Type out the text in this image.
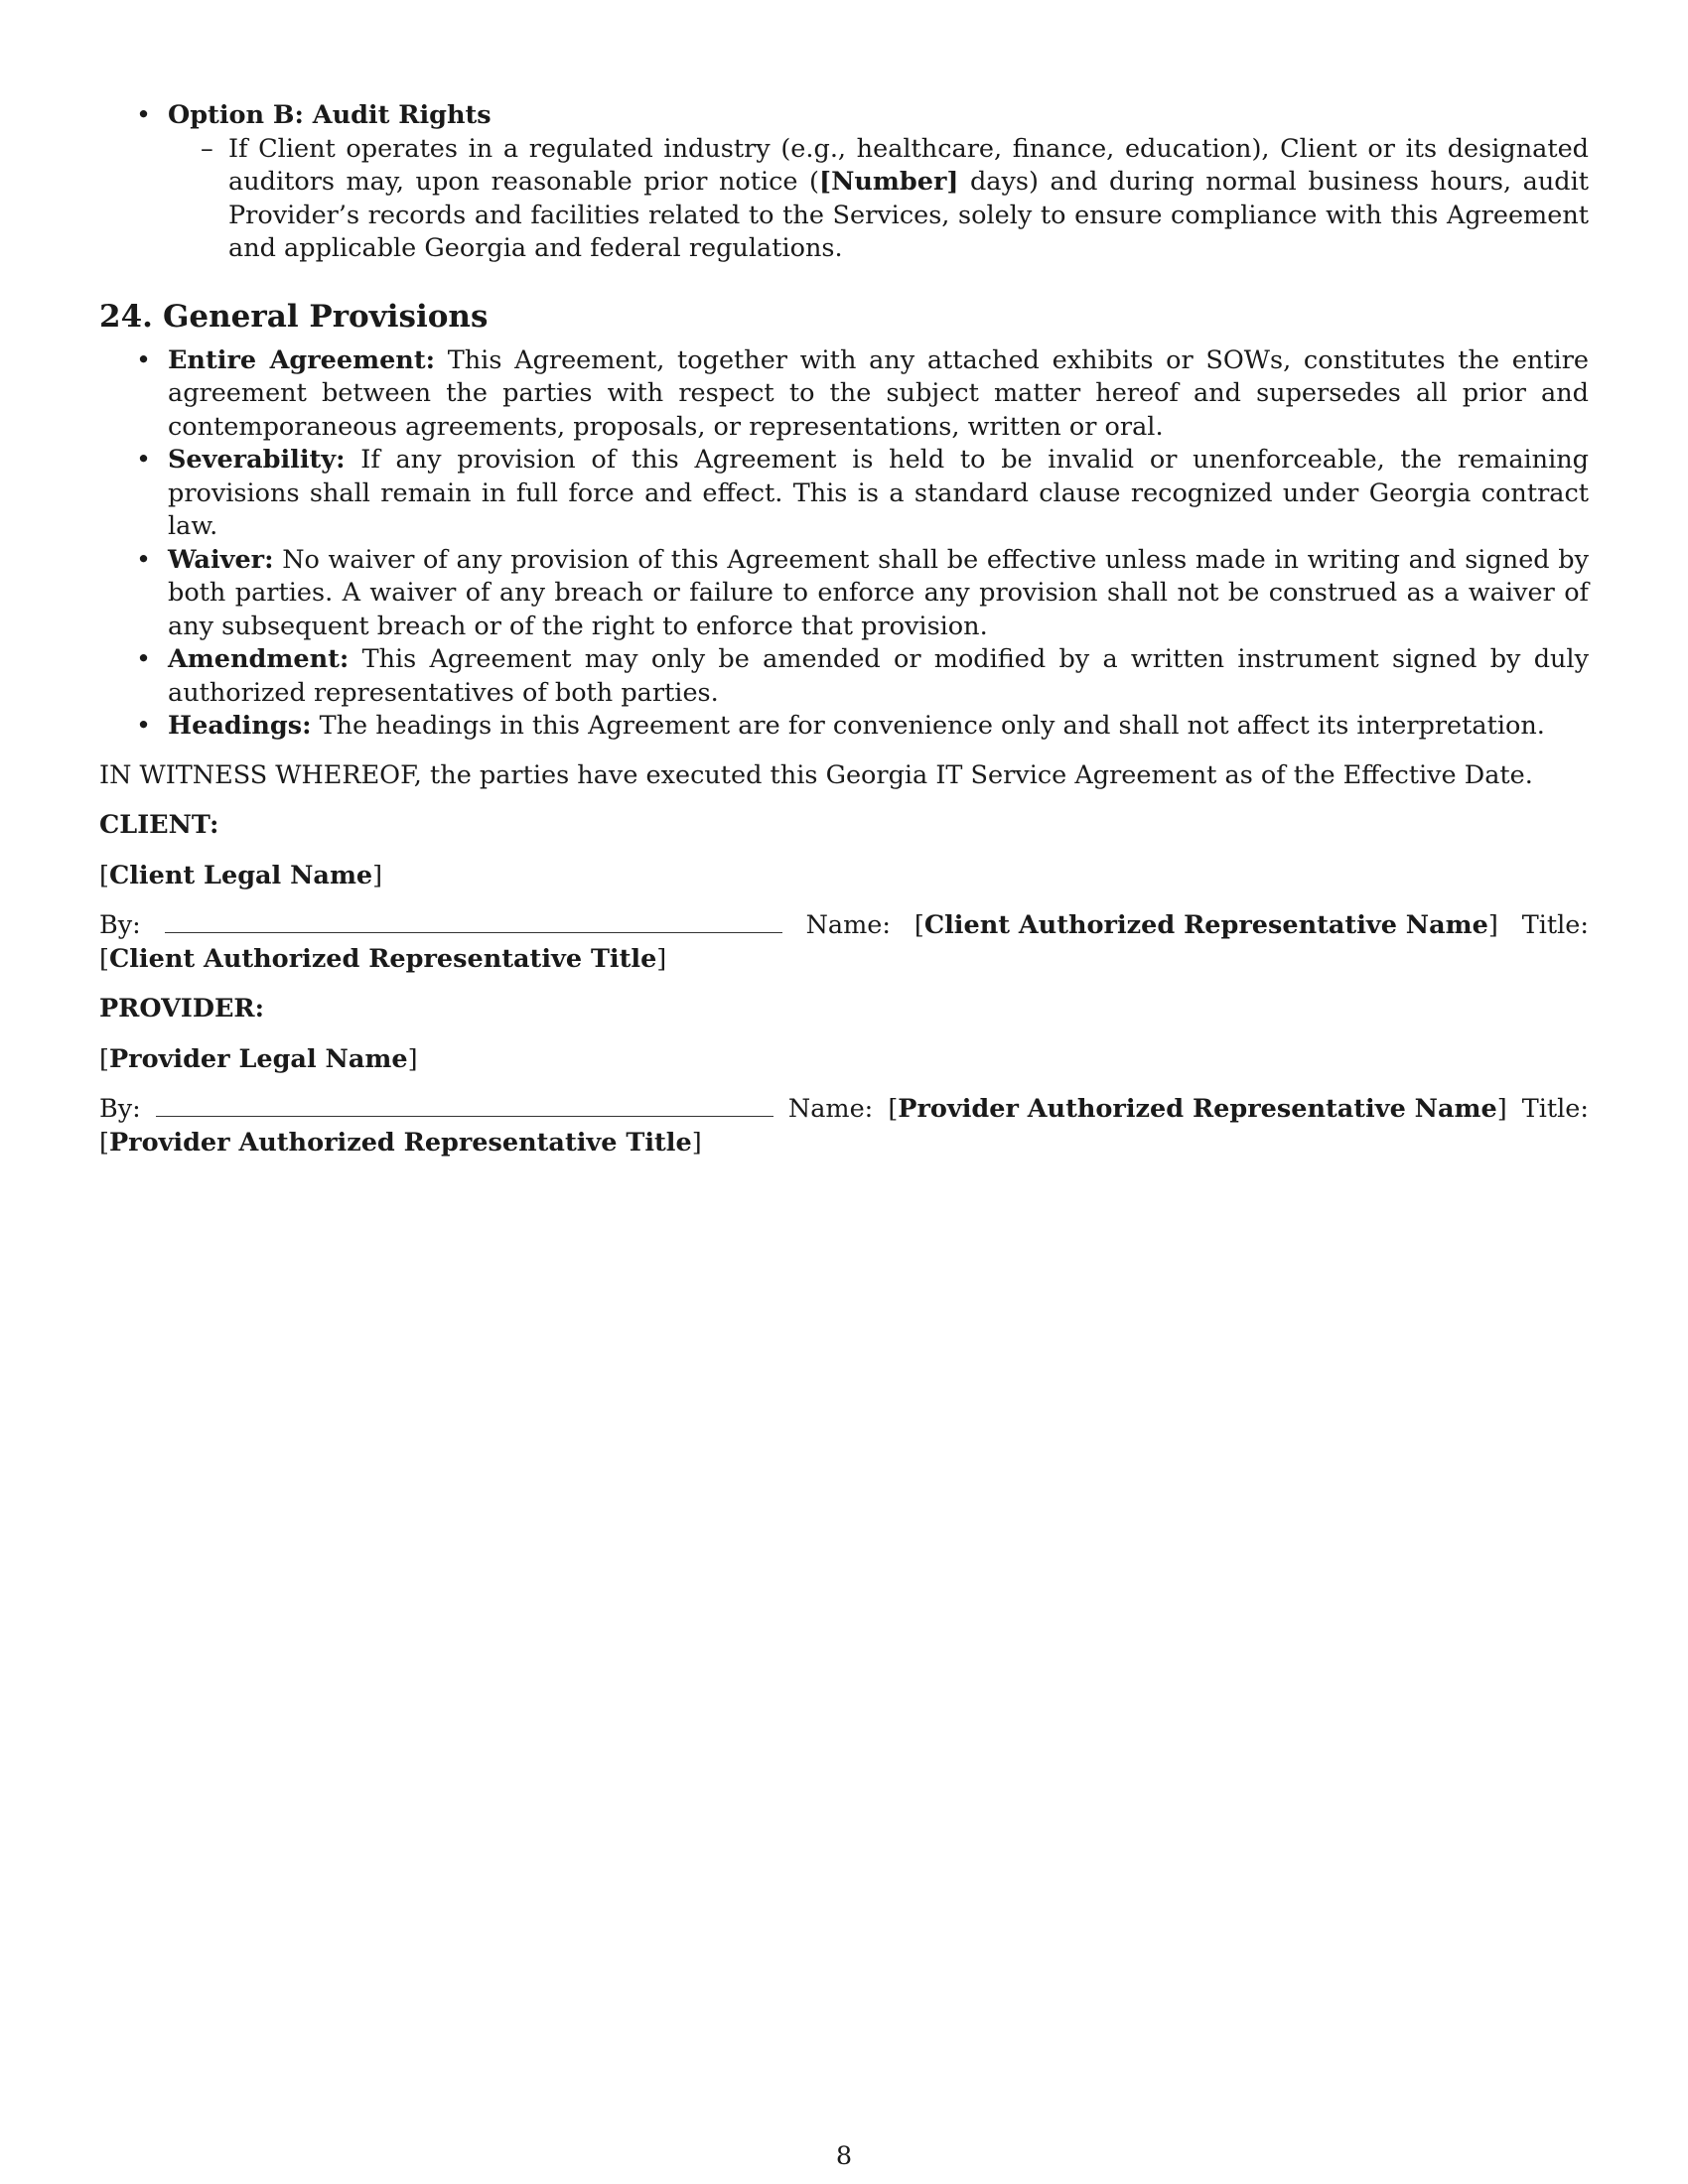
• Option B: Audit Rights
– If Client operates in a regulated industry (e.g., healthcare, finance, education), Client or its designated auditors may, upon reasonable prior notice ([Number] days) and during normal business hours, audit Provider’s records and facilities related to the Services, solely to ensure compliance with this Agreement and applicable Georgia and federal regulations.
24. General Provisions
• Entire Agreement: This Agreement, together with any attached exhibits or SOWs, constitutes the entire agreement between the parties with respect to the subject matter hereof and supersedes all prior and contemporaneous agreements, proposals, or representations, written or oral.
• Severability: If any provision of this Agreement is held to be invalid or unenforceable, the remaining provisions shall remain in full force and effect. This is a standard clause recognized under Georgia contract law.
• Waiver: No waiver of any provision of this Agreement shall be effective unless made in writing and signed by both parties. A waiver of any breach or failure to enforce any provision shall not be construed as a waiver of any subsequent breach or of the right to enforce that provision.
• Amendment: This Agreement may only be amended or modified by a written instrument signed by duly authorized representatives of both parties.
• Headings: The headings in this Agreement are for convenience only and shall not affect its interpretation.

IN WITNESS WHEREOF, the parties have executed this Georgia IT Service Agreement as of the Effective Date.

CLIENT:

[Client Legal Name]

By:	Name: [Client Authorized Representative Name] Title:

[Client Authorized Representative Title]

PROVIDER:

[Provider Legal Name]

By:	Name: [Provider Authorized Representative Name] Title:

[Provider Authorized Representative Title]

8
